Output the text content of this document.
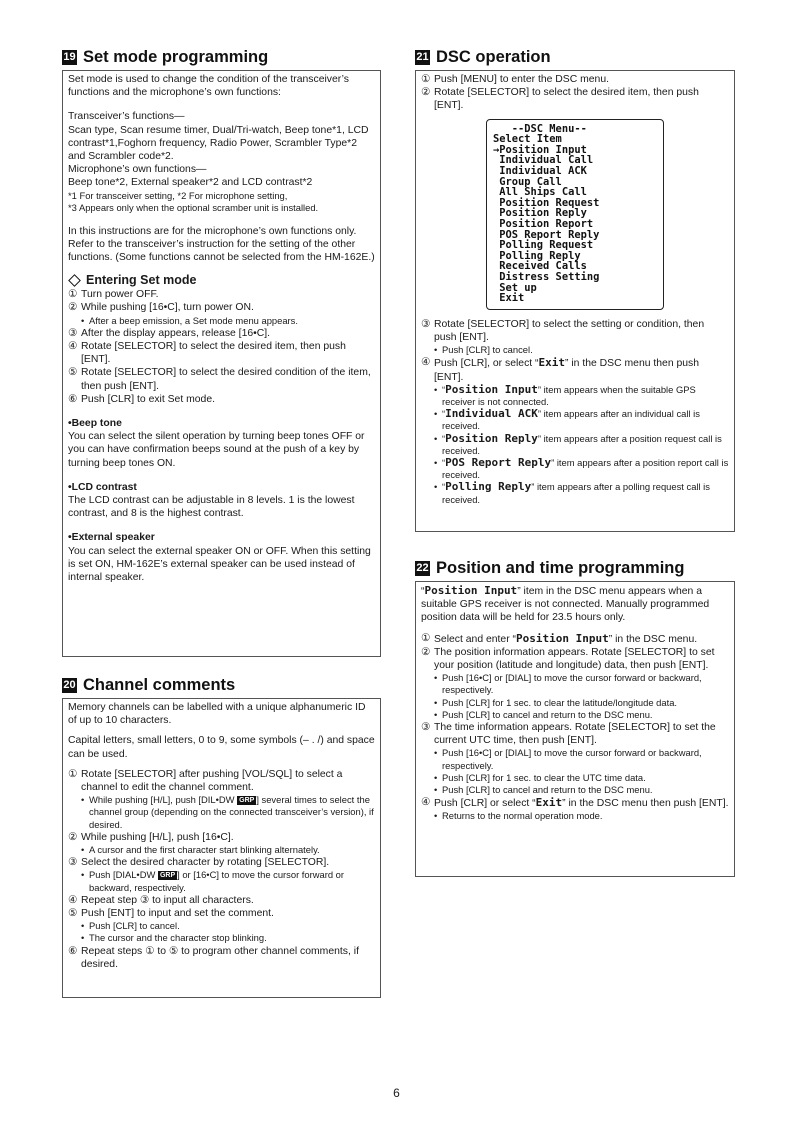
19 Set mode programming

Set mode is used to change the condition of the transceiver’s functions and the microphone’s own functions:

Transceiver’s functions—

Scan type, Scan resume timer, Dual/Tri-watch, Beep tone*1, LCD contrast*1,Foghorn frequency, Radio Power, Scrambler Type*2 and Scrambler code*2.

Microphone’s own functions—

Beep tone*2, External speaker*2 and LCD contrast*2

*1 For transceiver setting, *2 For microphone setting,

*3 Appears only when the optional scramber unit is installed.

In this instructions are for the microphone’s own functions only. Refer to the transceiver’s instruction for the setting of the other functions. (Some functions cannot be selected from the HM-162E.)

Entering Set mode
① Turn power OFF.
② While pushing [16•C], turn power ON.
• After a beep emission, a Set mode menu appears.
③ After the display appears, release [16•C].
④ Rotate [SELECTOR] to select the desired item, then push [ENT].
⑤ Rotate [SELECTOR] to select the desired condition of the item, then push [ENT].
⑥ Push [CLR] to exit Set mode.
• Beep tone

You can select the silent operation by turning beep tones OFF or you can have confirmation beeps sound at the push of a key by turning beep tones ON.

• LCD contrast

The LCD contrast can be adjustable in 8 levels. 1 is the lowest contrast, and 8 is the highest contrast.

• External speaker

You can select the external speaker ON or OFF. When this setting is set ON, HM-162E’s external speaker can be used instead of internal speaker.

20 Channel comments

Memory channels can be labelled with a unique alphanumeric ID of up to 10 characters.

Capital letters, small letters, 0 to 9, some symbols (– . /) and space can be used.

① Rotate [SELECTOR] after pushing [VOL/SQL] to select a channel to edit the channel comment.
• While pushing [H/L], push [DIL•DW GRP ] several times to select the channel group (depending on the connected transceiver’s version), if desired.
② While pushing [H/L], push [16•C].
• A cursor and the first character start blinking alternately.
③ Select the desired character by rotating [SELECTOR].
• Push [DIAL•DW GRP ] or [16•C] to move the cursor forward or backward, respectively.
④ Repeat step ③ to input all characters.
⑤ Push [ENT] to input and set the comment.
• Push [CLR] to cancel.
• The cursor and the character stop blinking.
⑥ Repeat steps ① to ⑤ to program other channel comments, if desired.
21 DSC operation
① Push [MENU] to enter the DSC menu.
② Rotate [SELECTOR] to select the desired item, then push [ENT].
--DSC Menu--
Select Item
→Position Input
Individual Call
Individual ACK
Group Call
All Ships Call
Position Request
Position Reply
Position Report
POS Report Reply
Polling Request
Polling Reply
Received Calls
Distress Setting
Set up
Exit
③ Rotate [SELECTOR] to select the setting or condition, then push [ENT].
• Push [CLR] to cancel.
④ Push [CLR], or select “Exit” in the DSC menu then push [ENT].
• “Position Input” item appears when the suitable GPS receiver is not connected.
• “Individual ACK” item appears after an individual call is received.
• “Position Reply” item appears after a position request call is received.
• “POS Report Reply” item appears after a position report call is received.
• “Polling Reply” item appears after a polling request call is received.
22 Position and time programming

“Position Input” item in the DSC menu appears when a suitable GPS receiver is not connected. Manually programmed position data will be held for 23.5 hours only.

① Select and enter “Position Input” in the DSC menu.
② The position information appears. Rotate [SELECTOR] to set your position (latitude and longitude) data, then push [ENT].
• Push [16•C] or [DIAL] to move the cursor forward or backward, respectively.
• Push [CLR] for 1 sec. to clear the latitude/longitude data.
• Push [CLR] to cancel and return to the DSC menu.
③ The time information appears. Rotate [SELECTOR] to set the current UTC time, then push [ENT].
• Push [16•C] or [DIAL] to move the cursor forward or backward, respectively.
• Push [CLR] for 1 sec. to clear the UTC time data.
• Push [CLR] to cancel and return to the DSC menu.
④ Push [CLR] or select “Exit” in the DSC menu then push [ENT].
• Returns to the normal operation mode.
6
